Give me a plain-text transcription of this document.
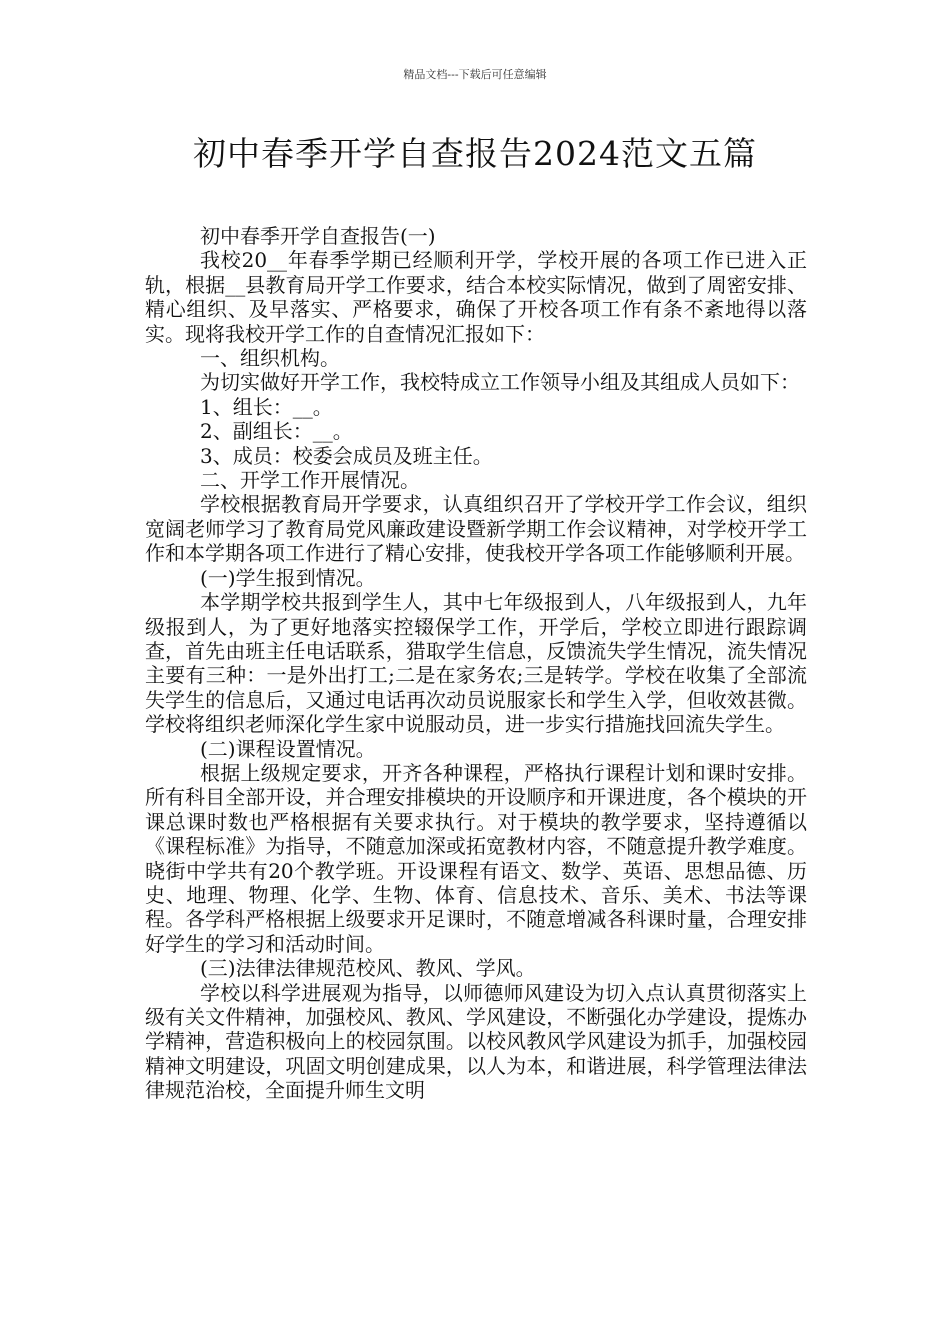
精品文档---下载后可任意编辑
初中春季开学自查报告2024范文五篇

初中春季开学自查报告(一)

我校20__年春季学期已经顺利开学，学校开展的各项工作已进入正轨，根据__县教育局开学工作要求，结合本校实际情况，做到了周密安排、精心组织、及早落实、严格要求，确保了开校各项工作有条不紊地得以落实。现将我校开学工作的自查情况汇报如下：

一、组织机构。

为切实做好开学工作，我校特成立工作领导小组及其组成人员如下：

1、组长：__。

2、副组长：__。

3、成员：校委会成员及班主任。

二、开学工作开展情况。

学校根据教育局开学要求，认真组织召开了学校开学工作会议，组织宽阔老师学习了教育局党风廉政建设暨新学期工作会议精神，对学校开学工作和本学期各项工作进行了精心安排，使我校开学各项工作能够顺利开展。

(一)学生报到情况。

本学期学校共报到学生人，其中七年级报到人，八年级报到人，九年级报到人，为了更好地落实控辍保学工作，开学后，学校立即进行跟踪调查，首先由班主任电话联系，猎取学生信息，反馈流失学生情况，流失情况主要有三种：一是外出打工;二是在家务农;三是转学。学校在收集了全部流失学生的信息后，又通过电话再次动员说服家长和学生入学，但收效甚微。学校将组织老师深化学生家中说服动员，进一步实行措施找回流失学生。

(二)课程设置情况。

根据上级规定要求，开齐各种课程，严格执行课程计划和课时安排。所有科目全部开设，并合理安排模块的开设顺序和开课进度，各个模块的开课总课时数也严格根据有关要求执行。对于模块的教学要求，坚持遵循以《课程标准》为指导，不随意加深或拓宽教材内容，不随意提升教学难度。晓街中学共有20个教学班。开设课程有语文、数学、英语、思想品德、历史、地理、物理、化学、生物、体育、信息技术、音乐、美术、书法等课程。各学科严格根据上级要求开足课时，不随意增减各科课时量，合理安排好学生的学习和活动时间。

(三)法律法律规范校风、教风、学风。

学校以科学进展观为指导，以师德师风建设为切入点认真贯彻落实上级有关文件精神，加强校风、教风、学风建设，不断强化办学建设，提炼办学精神，营造积极向上的校园氛围。以校风教风学风建设为抓手，加强校园精神文明建设，巩固文明创建成果，以人为本，和谐进展，科学管理法律法律规范治校，全面提升师生文明
